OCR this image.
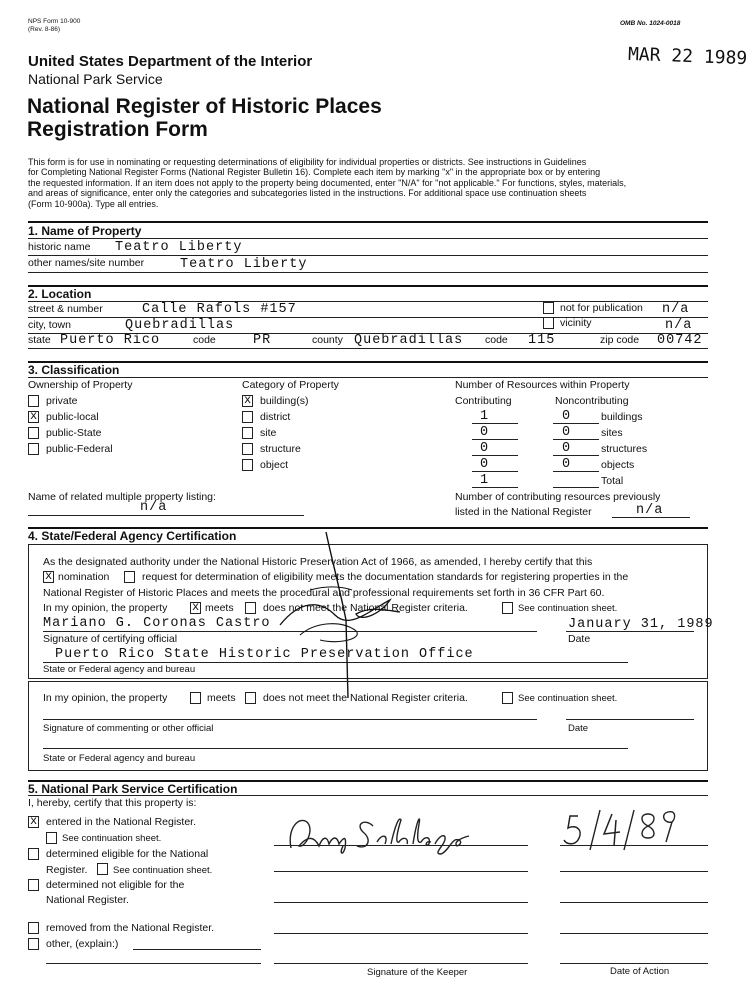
NPS Form 10-900
(Rev. 8-86)
OMB No. 1024-0018
MAR 22 1989
United States Department of the Interior
National Park Service
National Register of Historic Places
Registration Form
This form is for use in nominating or requesting determinations of eligibility for individual properties or districts. See instructions in Guidelines
for Completing National Register Forms (National Register Bulletin 16). Complete each item by marking "x" in the appropriate box or by entering
the requested information. If an item does not apply to the property being documented, enter "N/A" for "not applicable." For functions, styles, materials,
and areas of significance, enter only the categories and subcategories listed in the instructions. For additional space use continuation sheets
(Form 10-900a). Type all entries.
1. Name of Property
historic name Teatro Liberty
other names/site number	Teatro Liberty
2. Location
street & number	Calle Rafols #157	not for publication n/a
city, town	Quebradillas	vicinity	n/a
state Puerto Rico	code	PR	county Quebradillas code 115	zip code 00742
3. Classification
Ownership of Property
private
x public-local
public-State
public-Federal
Category of Property
x building(s)
district
site
structure
object
Number of Resources within Property
Contributing	Noncontributing
1	0	buildings
0	0	sites
0	0	structures
0	0	objects
1	Total
Name of related multiple property listing:
n/a
Number of contributing resources previously
listed in the National Register	n/a
4. State/Federal Agency Certification
As the designated authority under the National Historic Preservation Act of 1966, as amended, I hereby certify that this
x nomination	request for determination of eligibility meets the documentation standards for registering properties in the
National Register of Historic Places and meets the procedural and professional requirements set forth in 36 CFR Part 60.
In my opinion, the property x meets	does not meet the National Register criteria.	See continuation sheet.
Mariano G. Coronas Castro	January 31, 1989
Signature of certifying official	Date
Puerto Rico State Historic Preservation Office
State or Federal agency and bureau
In my opinion, the property	meets	does not meet the National Register criteria.	See continuation sheet.
Signature of commenting or other official	Date
State or Federal agency and bureau
5. National Park Service Certification
I, hereby, certify that this property is:
x entered in the National Register.
See continuation sheet.
determined eligible for the National
Register.	See continuation sheet.
determined not eligible for the
National Register.
removed from the National Register.
other, (explain:)
Signature of the Keeper	Date of Action
